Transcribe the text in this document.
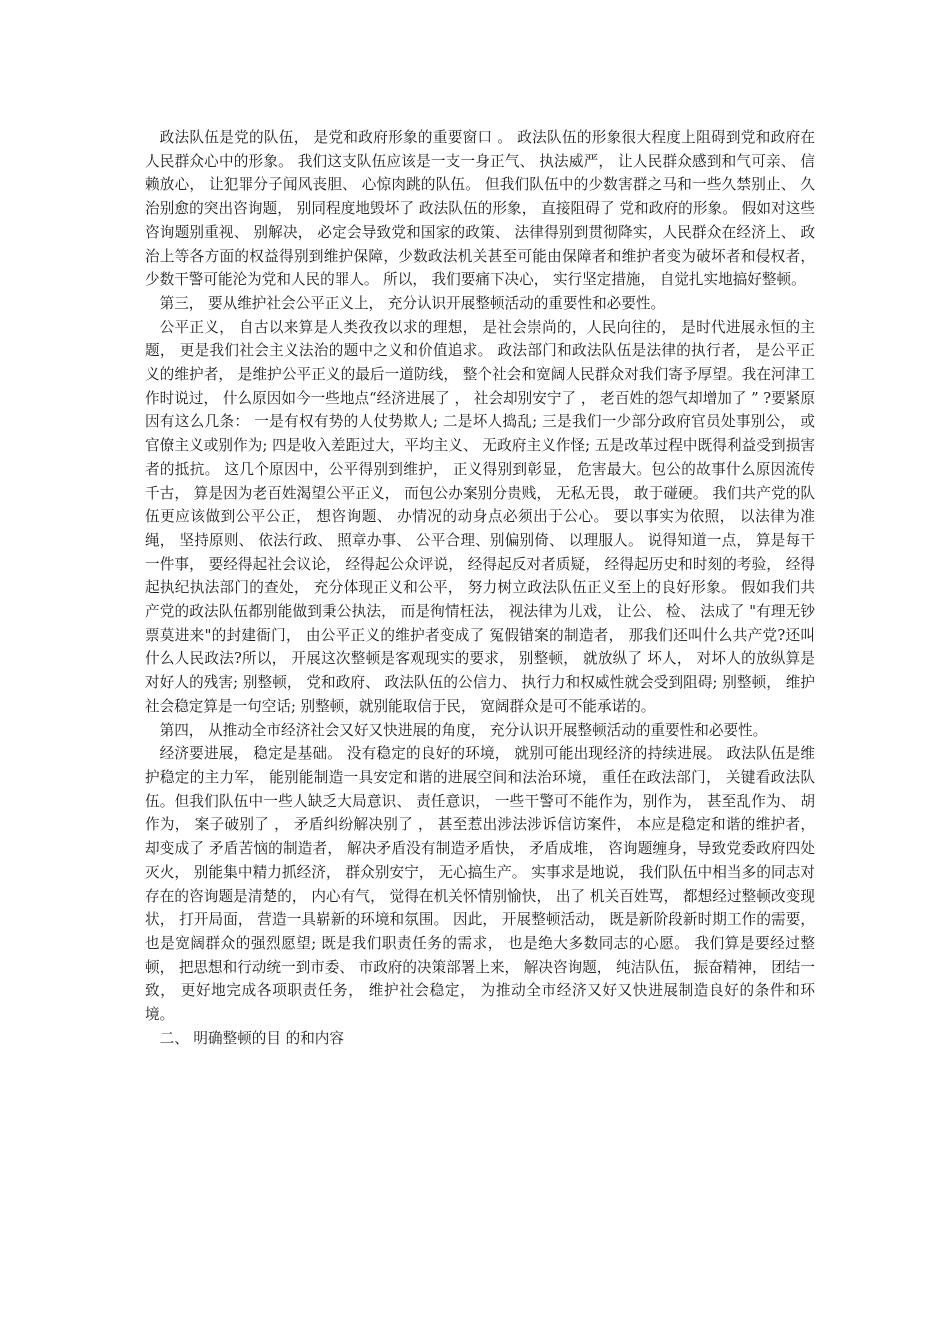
政法队伍是党的队伍， 是党和政府形象的重要窗口 。 政法队伍的形象很大程度上阻碍到党和政府在人民群众心中的形象。 我们这支队伍应该是一支一身正气、 执法威严， 让人民群众感到和气可亲、 信赖放心， 让犯罪分子闻风丧胆、 心惊肉跳的队伍。 但我们队伍中的少数害群之马和一些久禁别止、 久治别愈的突出咨询题， 别同程度地毁坏了 政法队伍的形象， 直接阻碍了 党和政府的形象。 假如对这些咨询题别重视、 别解决， 必定会导致党和国家的政策、 法律得别到贯彻降实，人民群众在经济上、 政治上等各方面的权益得别到维护保障，少数政法机关甚至可能由保障者和维护者变为破坏者和侵权者， 少数干警可能沦为党和人民的罪人。 所以， 我们要痛下决心， 实行坚定措施， 自觉扎实地搞好整顿。

第三， 要从维护社会公平正义上， 充分认识开展整顿活动的重要性和必要性。

公平正义， 自古以来算是人类孜孜以求的理想， 是社会崇尚的，人民向往的， 是时代进展永恒的主题， 更是我们社会主义法治的题中之义和价值追求。 政法部门和政法队伍是法律的执行者， 是公平正义的维护者， 是维护公平正义的最后一道防线， 整个社会和宽阔人民群众对我们寄予厚望。我在河津工作时说过， 什么原因如今一些地点“经济进展了 ， 社会却别安宁了 ， 老百姓的怨气却增加了 ” ?要紧原因有这么几条： 一是有权有势的人仗势欺人; 二是坏人捣乱; 三是我们一少部分政府官员处事别公， 或官僚主义或别作为; 四是收入差距过大，平均主义、 无政府主义作怪; 五是改革过程中既得利益受到损害者的抵抗。 这几个原因中，公平得别到维护， 正义得别到彰显， 危害最大。包公的故事什么原因流传千古， 算是因为老百姓渴望公平正义， 而包公办案别分贵贱， 无私无畏， 敢于碰硬。 我们共产党的队伍更应该做到公平公正， 想咨询题、 办情况的动身点必须出于公心。 要以事实为依照， 以法律为准绳， 坚持原则、 依法行政、 照章办事、 公平合理、别偏别倚、 以理服人。 说得知道一点， 算是每干一件事， 要经得起社会议论， 经得起公众评说， 经得起反对者质疑， 经得起历史和时刻的考验， 经得起执纪执法部门的查处， 充分体现正义和公平， 努力树立政法队伍正义至上的良好形象。 假如我们共产党的政法队伍都别能做到秉公执法， 而是徇情枉法， 视法律为儿戏， 让公、 检、 法成了 "有理无钞票莫进来"的封建衙门， 由公平正义的维护者变成了 冤假错案的制造者， 那我们还叫什么共产党?还叫什么人民政法?所以， 开展这次整顿是客观现实的要求， 别整顿， 就放纵了 坏人， 对坏人的放纵算是对好人的残害; 别整顿， 党和政府、 政法队伍的公信力、 执行力和权威性就会受到阻碍; 别整顿， 维护社会稳定算是一句空话; 别整顿，就别能取信于民， 宽阔群众是可不能承诺的。

第四， 从推动全市经济社会又好又快进展的角度， 充分认识开展整顿活动的重要性和必要性。

经济要进展， 稳定是基础。 没有稳定的良好的环境， 就别可能出现经济的持续进展。 政法队伍是维护稳定的主力军， 能别能制造一具安定和谐的进展空间和法治环境， 重任在政法部门， 关键看政法队伍。但我们队伍中一些人缺乏大局意识、 责任意识， 一些干警可不能作为，别作为， 甚至乱作为、 胡作为， 案子破别了 ， 矛盾纠纷解决别了 ， 甚至惹出涉法涉诉信访案件， 本应是稳定和谐的维护者， 却变成了 矛盾苦恼的制造者， 解决矛盾没有制造矛盾快， 矛盾成堆， 咨询题缠身，导致党委政府四处灭火， 别能集中精力抓经济， 群众别安宁， 无心搞生产。 实事求是地说， 我们队伍中相当多的同志对存在的咨询题是清楚的， 内心有气， 觉得在机关怀情别愉快， 出了 机关百姓骂， 都想经过整顿改变现状， 打开局面， 营造一具崭新的环境和氛围。 因此， 开展整顿活动， 既是新阶段新时期工作的需要， 也是宽阔群众的强烈愿望; 既是我们职责任务的需求， 也是绝大多数同志的心愿。 我们算是要经过整顿， 把思想和行动统一到市委、 市政府的决策部署上来， 解决咨询题， 纯洁队伍， 振奋精神， 团结一致， 更好地完成各项职责任务， 维护社会稳定， 为推动全市经济又好又快进展制造良好的条件和环境。

二、 明确整顿的目 的和内容
